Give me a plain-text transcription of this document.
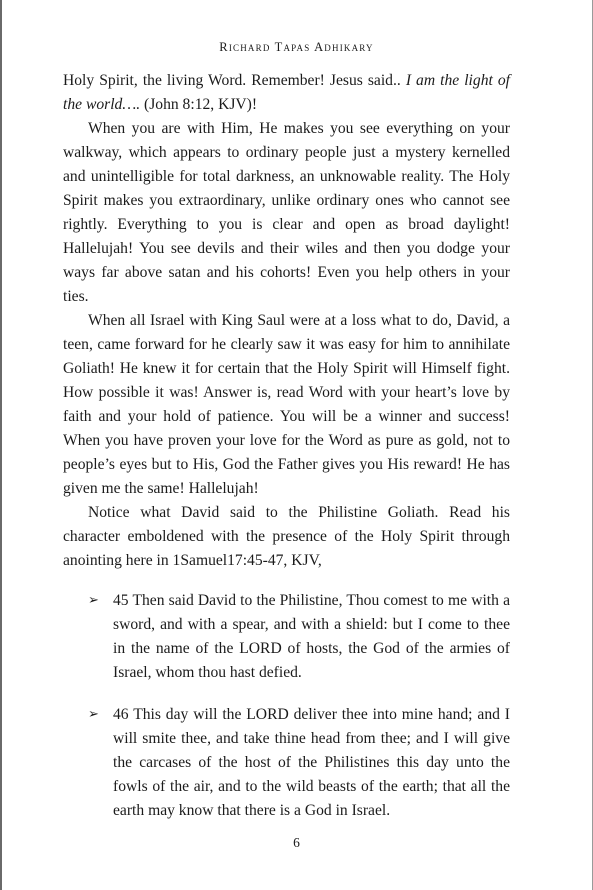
Richard Tapas Adhikary

Holy Spirit, the living Word. Remember! Jesus said.. I am the light of the world…. (John 8:12, KJV)!

When you are with Him, He makes you see everything on your walkway, which appears to ordinary people just a mystery kernelled and unintelligible for total darkness, an unknowable reality. The Holy Spirit makes you extraordinary, unlike ordinary ones who cannot see rightly. Everything to you is clear and open as broad daylight! Hallelujah! You see devils and their wiles and then you dodge your ways far above satan and his cohorts! Even you help others in your ties.

When all Israel with King Saul were at a loss what to do, David, a teen, came forward for he clearly saw it was easy for him to annihilate Goliath! He knew it for certain that the Holy Spirit will Himself fight. How possible it was! Answer is, read Word with your heart’s love by faith and your hold of patience. You will be a winner and success! When you have proven your love for the Word as pure as gold, not to people’s eyes but to His, God the Father gives you His reward! He has given me the same! Hallelujah!

Notice what David said to the Philistine Goliath. Read his character emboldened with the presence of the Holy Spirit through anointing here in 1Samuel17:45-47, KJV,

➢ 45 Then said David to the Philistine, Thou comest to me with a sword, and with a spear, and with a shield: but I come to thee in the name of the LORD of hosts, the God of the armies of Israel, whom thou hast defied.
➢ 46 This day will the LORD deliver thee into mine hand; and I will smite thee, and take thine head from thee; and I will give the carcases of the host of the Philistines this day unto the fowls of the air, and to the wild beasts of the earth; that all the earth may know that there is a God in Israel.
6
